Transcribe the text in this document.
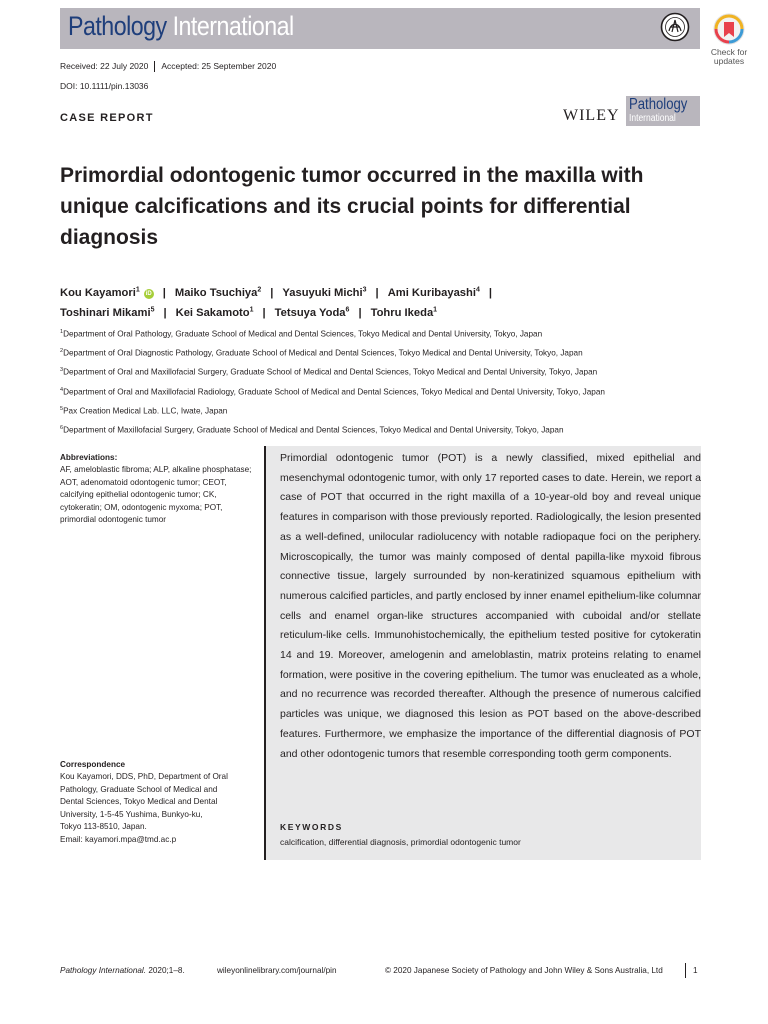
Pathology International
Check for updates
Received: 22 July 2020 Accepted: 25 September 2020
DOI: 10.1111/pin.13036
CASE REPORT	WILEY
Pathology
International
Primordial odontogenic tumor occurred in the maxilla with unique calcifications and its crucial points for differential diagnosis
Kou Kayamori$^1$iD | Maiko Tsuchiya$^2$ | Yasuyuki Michi$^3$ | Ami Kuribayashi$^4$ |
Toshinari Mikami$^5$ | Kei Sakamoto$^1$ | Tetsuya Yoda$^6$ | Tohru Ikeda$^1$
$^1$Department of Oral Pathology, Graduate School of Medical and Dental Sciences, Tokyo Medical and Dental University, Tokyo, Japan
$^2$Department of Oral Diagnostic Pathology, Graduate School of Medical and Dental Sciences, Tokyo Medical and Dental University, Tokyo, Japan
$^3$Department of Oral and Maxillofacial Surgery, Graduate School of Medical and Dental Sciences, Tokyo Medical and Dental University, Tokyo, Japan
$^4$Department of Oral and Maxillofacial Radiology, Graduate School of Medical and Dental Sciences, Tokyo Medical and Dental University, Tokyo, Japan
$^5$Pax Creation Medical Lab. LLC, Iwate, Japan
$^6$Department of Maxillofacial Surgery, Graduate School of Medical and Dental Sciences, Tokyo Medical and Dental University, Tokyo, Japan
Abbreviations:
AF, ameloblastic fibroma; ALP, alkaline phosphatase; AOT, adenomatoid odontogenic tumor; CEOT, calcifying epithelial odontogenic tumor; CK, cytokeratin; OM, odontogenic myxoma; POT, primordial odontogenic tumor
Correspondence
Kou Kayamori, DDS, PhD, Department of Oral
Pathology, Graduate School of Medical and
Dental Sciences, Tokyo Medical and Dental
University, 1-5-45 Yushima, Bunkyo-ku,
Tokyo 113-8510, Japan.
Email: kayamori.mpa@tmd.ac.p
Primordial odontogenic tumor (POT) is a newly classified, mixed epithelial and mesenchymal odontogenic tumor, with only 17 reported cases to date. Herein, we report a case of POT that occurred in the right maxilla of a 10-year-old boy and reveal unique features in comparison with those previously reported. Radiologically, the lesion presented as a well-defined, unilocular radiolucency with notable radiopaque foci on the periphery. Microscopically, the tumor was mainly composed of dental papilla-like myxoid fibrous connective tissue, largely surrounded by non-keratinized squamous epithelium with numerous calcified particles, and partly enclosed by inner enamel epithelium-like columnar cells and enamel organ-like structures accompanied with cuboidal and/or stellate reticulum-like cells. Immunohistochemically, the epithelium tested positive for cytokeratin 14 and 19. Moreover, amelogenin and ameloblastin, matrix proteins relating to enamel formation, were positive in the covering epithelium. The tumor was enucleated as a whole, and no recurrence was recorded thereafter. Although the presence of numerous calcified particles was unique, we diagnosed this lesion as POT based on the above-described features. Furthermore, we emphasize the importance of the differential diagnosis of POT and other odontogenic tumors that resemble corresponding tooth germ components.
KEYWORDS
calcification, differential diagnosis, primordial odontogenic tumor
Pathology International. 2020;1–8.	wileyonlinelibrary.com/journal/pin	© 2020 Japanese Society of Pathology and John Wiley & Sons Australia, Ltd	1
